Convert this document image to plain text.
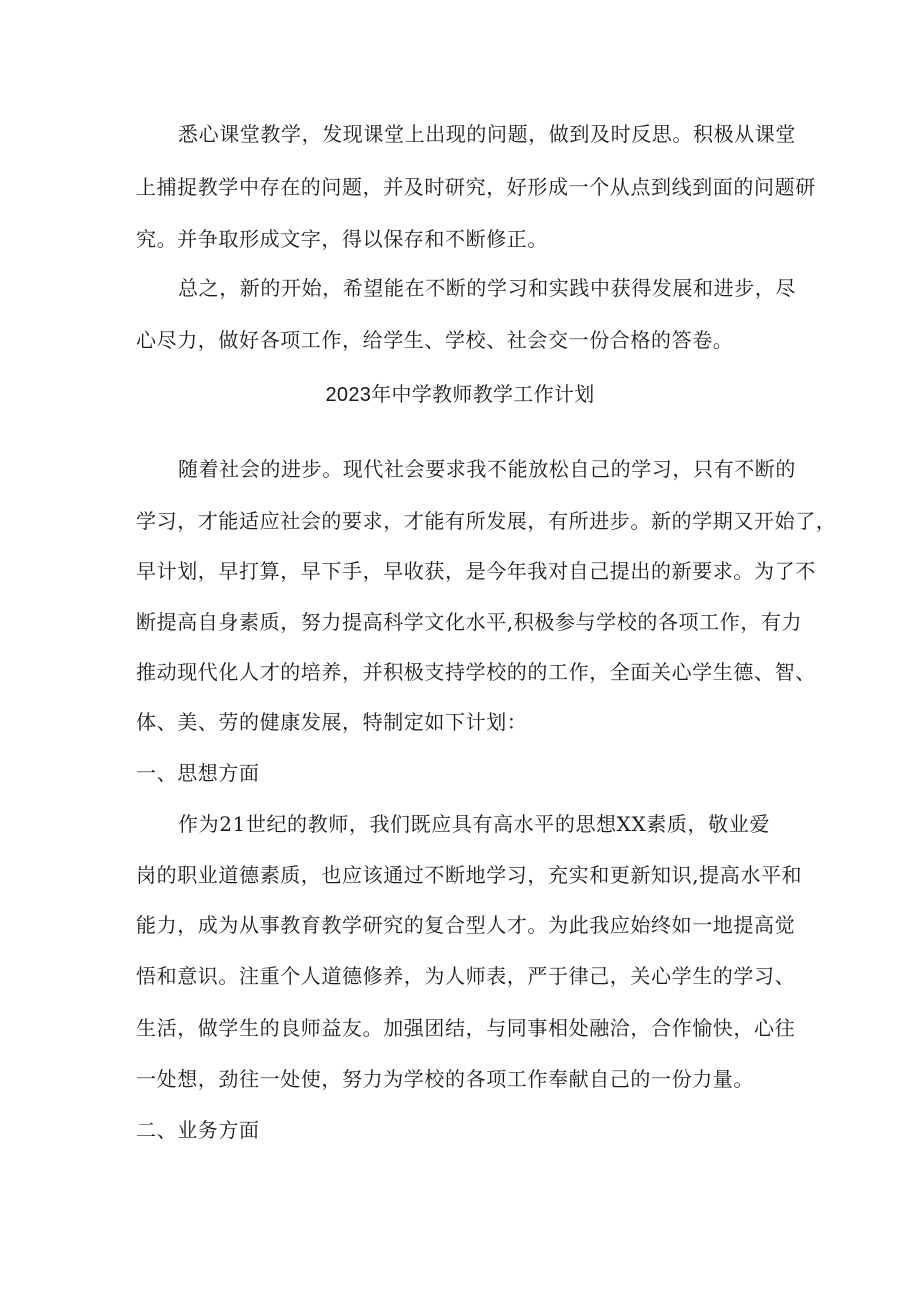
悉心课堂教学，发现课堂上出现的问题，做到及时反思。积极从课堂
上捕捉教学中存在的问题，并及时研究，好形成一个从点到线到面的问题研
究。并争取形成文字，得以保存和不断修正。
总之，新的开始，希望能在不断的学习和实践中获得发展和进步，尽
心尽力，做好各项工作，给学生、学校、社会交一份合格的答卷。
2023年中学教师教学工作计划
随着社会的进步。现代社会要求我不能放松自己的学习，只有不断的
学习，才能适应社会的要求，才能有所发展，有所进步。新的学期又开始了，
早计划，早打算，早下手，早收获，是今年我对自己提出的新要求。为了不
断提高自身素质，努力提高科学文化水平,积极参与学校的各项工作，有力
推动现代化人才的培养，并积极支持学校的的工作，全面关心学生德、智、
体、美、劳的健康发展，特制定如下计划：
一、思想方面
作为21世纪的教师，我们既应具有高水平的思想XX素质，敬业爱
岗的职业道德素质，也应该通过不断地学习，充实和更新知识,提高水平和
能力，成为从事教育教学研究的复合型人才。为此我应始终如一地提高觉
悟和意识。注重个人道德修养，为人师表，严于律己，关心学生的学习、
生活，做学生的良师益友。加强团结，与同事相处融洽，合作愉快，心往
一处想，劲往一处使，努力为学校的各项工作奉献自己的一份力量。
二、业务方面
